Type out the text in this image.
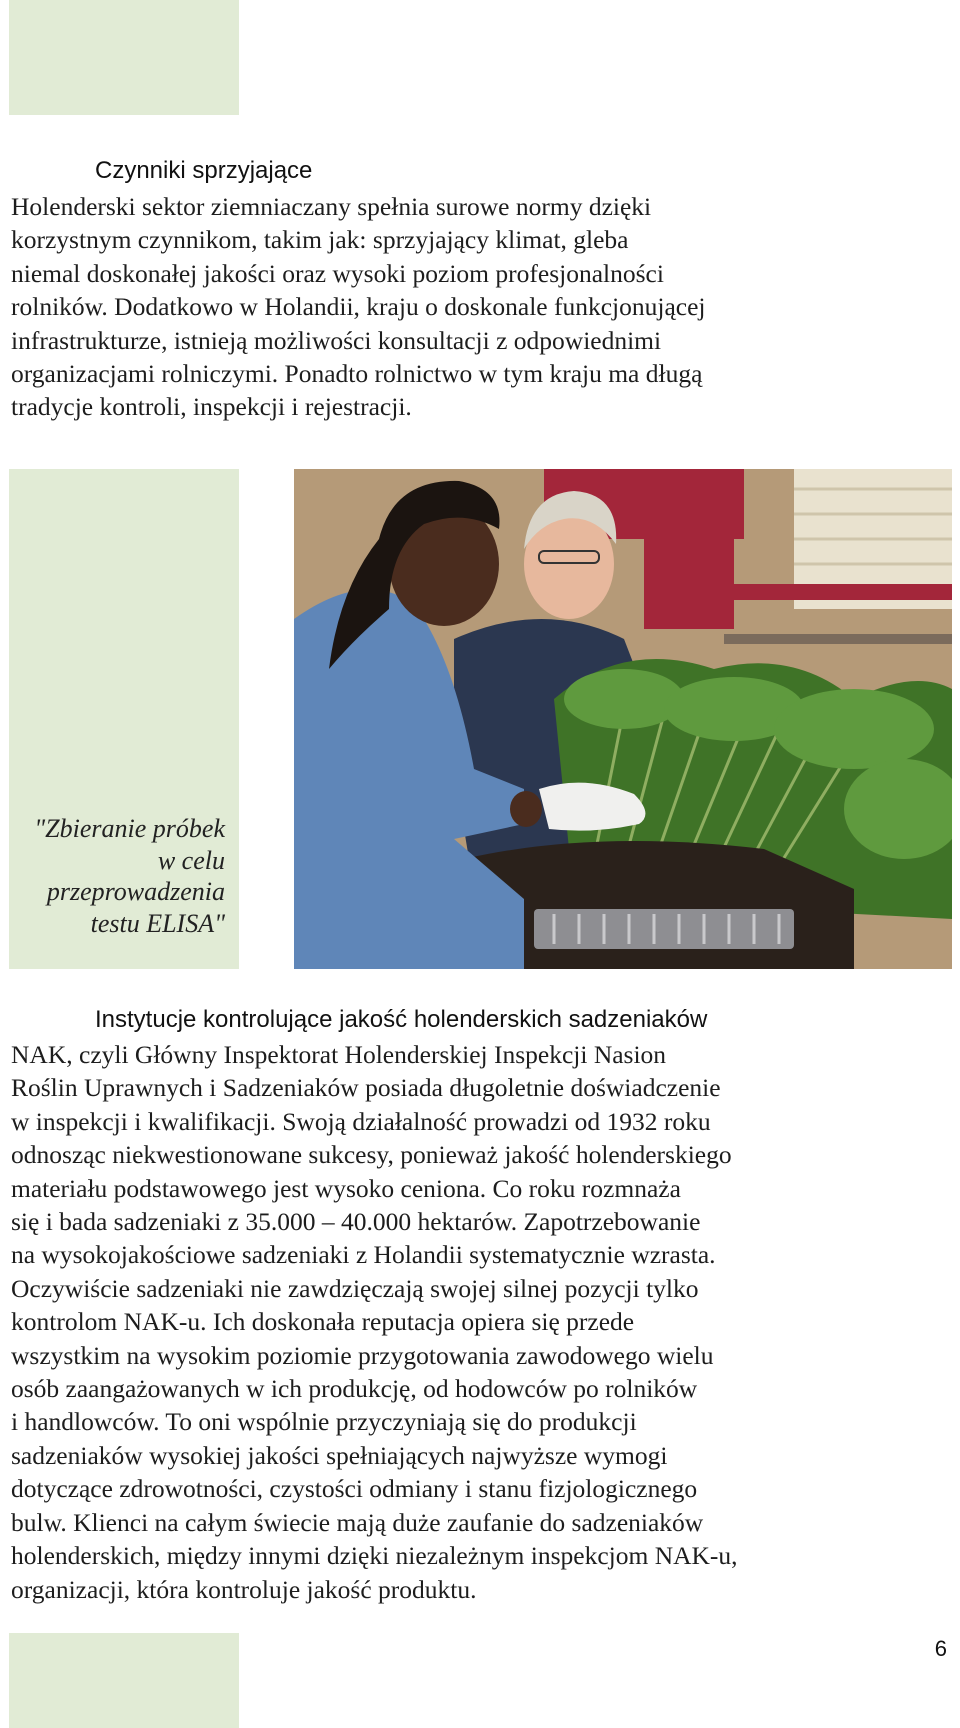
Czynniki sprzyjające

Holenderski sektor ziemniaczany spełnia surowe normy dzięki
korzystnym czynnikom, takim jak: sprzyjający klimat, gleba
niemal doskonałej jakości oraz wysoki poziom profesjonalności
rolników. Dodatkowo w Holandii, kraju o doskonale funkcjonującej
infrastrukturze, istnieją możliwości konsultacji z odpowiednimi
organizacjami rolniczymi. Ponadto rolnictwo w tym kraju ma długą
tradycje kontroli, inspekcji i rejestracji.

"Zbieranie próbek
w celu
przeprowadzenia
testu ELISA"
Instytucje kontrolujące jakość holenderskich sadzeniaków

NAK, czyli Główny Inspektorat Holenderskiej Inspekcji Nasion
Roślin Uprawnych i Sadzeniaków posiada długoletnie doświadczenie
w inspekcji i kwalifikacji. Swoją działalność prowadzi od 1932 roku
odnosząc niekwestionowane sukcesy, ponieważ jakość holenderskiego
materiału podstawowego jest wysoko ceniona. Co roku rozmnaża
się i bada sadzeniaki z 35.000 – 40.000 hektarów. Zapotrzebowanie
na wysokojakościowe sadzeniaki z Holandii systematycznie wzrasta.
Oczywiście sadzeniaki nie zawdzięczają swojej silnej pozycji tylko
kontrolom NAK-u. Ich doskonała reputacja opiera się przede
wszystkim na wysokim poziomie przygotowania zawodowego wielu
osób zaangażowanych w ich produkcję, od hodowców po rolników
i handlowców. To oni wspólnie przyczyniają się do produkcji
sadzeniaków wysokiej jakości spełniających najwyższe wymogi
dotyczące zdrowotności, czystości odmiany i stanu fizjologicznego
bulw. Klienci na całym świecie mają duże zaufanie do sadzeniaków
holenderskich, między innymi dzięki niezależnym inspekcjom NAK-u,
organizacji, która kontroluje jakość produktu.

6
